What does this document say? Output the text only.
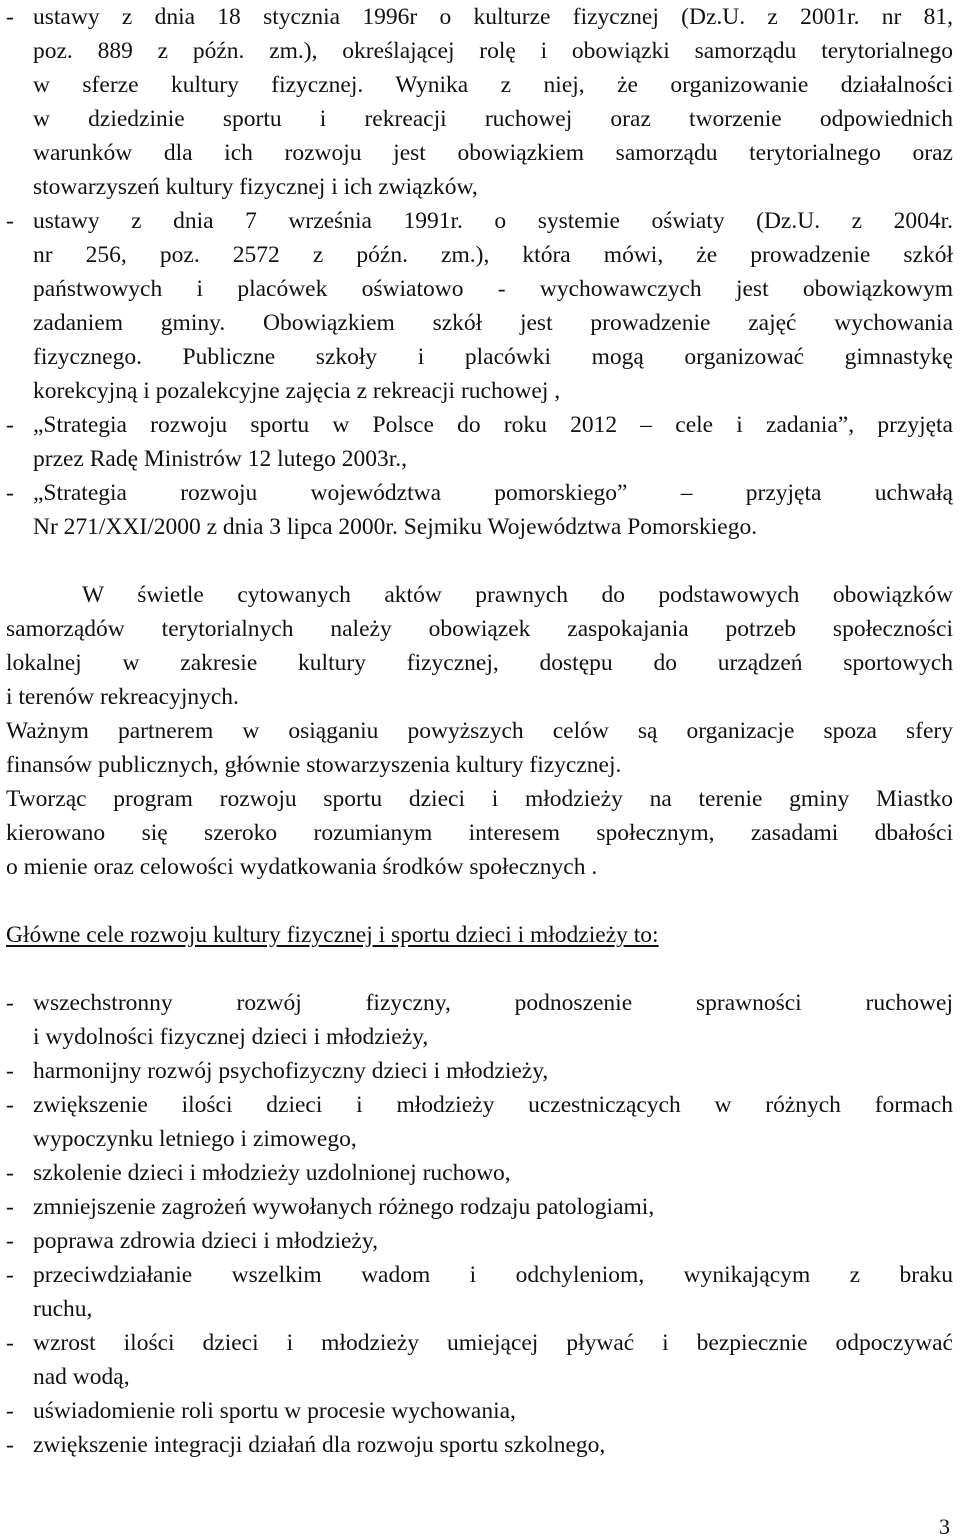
- ustawy z dnia 18 stycznia 1996r o kulturze fizycznej (Dz.U. z 2001r. nr 81,
poz. 889 z późn. zm.), określającej rolę i obowiązki samorządu terytorialnego
w sferze kultury fizycznej. Wynika z niej, że organizowanie działalności
w dziedzinie sportu i rekreacji ruchowej oraz tworzenie odpowiednich
warunków dla ich rozwoju jest obowiązkiem samorządu terytorialnego oraz
stowarzyszeń kultury fizycznej i ich związków,
- ustawy z dnia 7 września 1991r. o systemie oświaty (Dz.U. z 2004r.
nr 256, poz. 2572 z późn. zm.), która mówi, że prowadzenie szkół
państwowych i placówek oświatowo - wychowawczych jest obowiązkowym
zadaniem gminy. Obowiązkiem szkół jest prowadzenie zajęć wychowania
fizycznego. Publiczne szkoły i placówki mogą organizować gimnastykę
korekcyjną i pozalekcyjne zajęcia z rekreacji ruchowej ,
- „Strategia rozwoju sportu w Polsce do roku 2012 – cele i zadania”, przyjęta
przez Radę Ministrów 12 lutego 2003r.,
- „Strategia rozwoju województwa pomorskiego” – przyjęta uchwałą
Nr 271/XXI/2000 z dnia 3 lipca 2000r. Sejmiku Województwa Pomorskiego.
W świetle cytowanych aktów prawnych do podstawowych obowiązków
samorządów terytorialnych należy obowiązek zaspokajania potrzeb społeczności
lokalnej w zakresie kultury fizycznej, dostępu do urządzeń sportowych
i terenów rekreacyjnych.
Ważnym partnerem w osiąganiu powyższych celów są organizacje spoza sfery
finansów publicznych, głównie stowarzyszenia kultury fizycznej.
Tworząc program rozwoju sportu dzieci i młodzieży na terenie gminy Miastko
kierowano się szeroko rozumianym interesem społecznym, zasadami dbałości
o mienie oraz celowości wydatkowania środków społecznych .
Główne cele rozwoju kultury fizycznej i sportu dzieci i młodzieży to:
- wszechstronny rozwój fizyczny, podnoszenie sprawności ruchowej
i wydolności fizycznej dzieci i młodzieży,
- harmonijny rozwój psychofizyczny dzieci i młodzieży,
- zwiększenie ilości dzieci i młodzieży uczestniczących w różnych formach
wypoczynku letniego i zimowego,
- szkolenie dzieci i młodzieży uzdolnionej ruchowo,
- zmniejszenie zagrożeń wywołanych różnego rodzaju patologiami,
- poprawa zdrowia dzieci i młodzieży,
- przeciwdziałanie wszelkim wadom i odchyleniom, wynikającym z braku
ruchu,
- wzrost ilości dzieci i młodzieży umiejącej pływać i bezpiecznie odpoczywać
nad wodą,
- uświadomienie roli sportu w procesie wychowania,
- zwiększenie integracji działań dla rozwoju sportu szkolnego,
3
